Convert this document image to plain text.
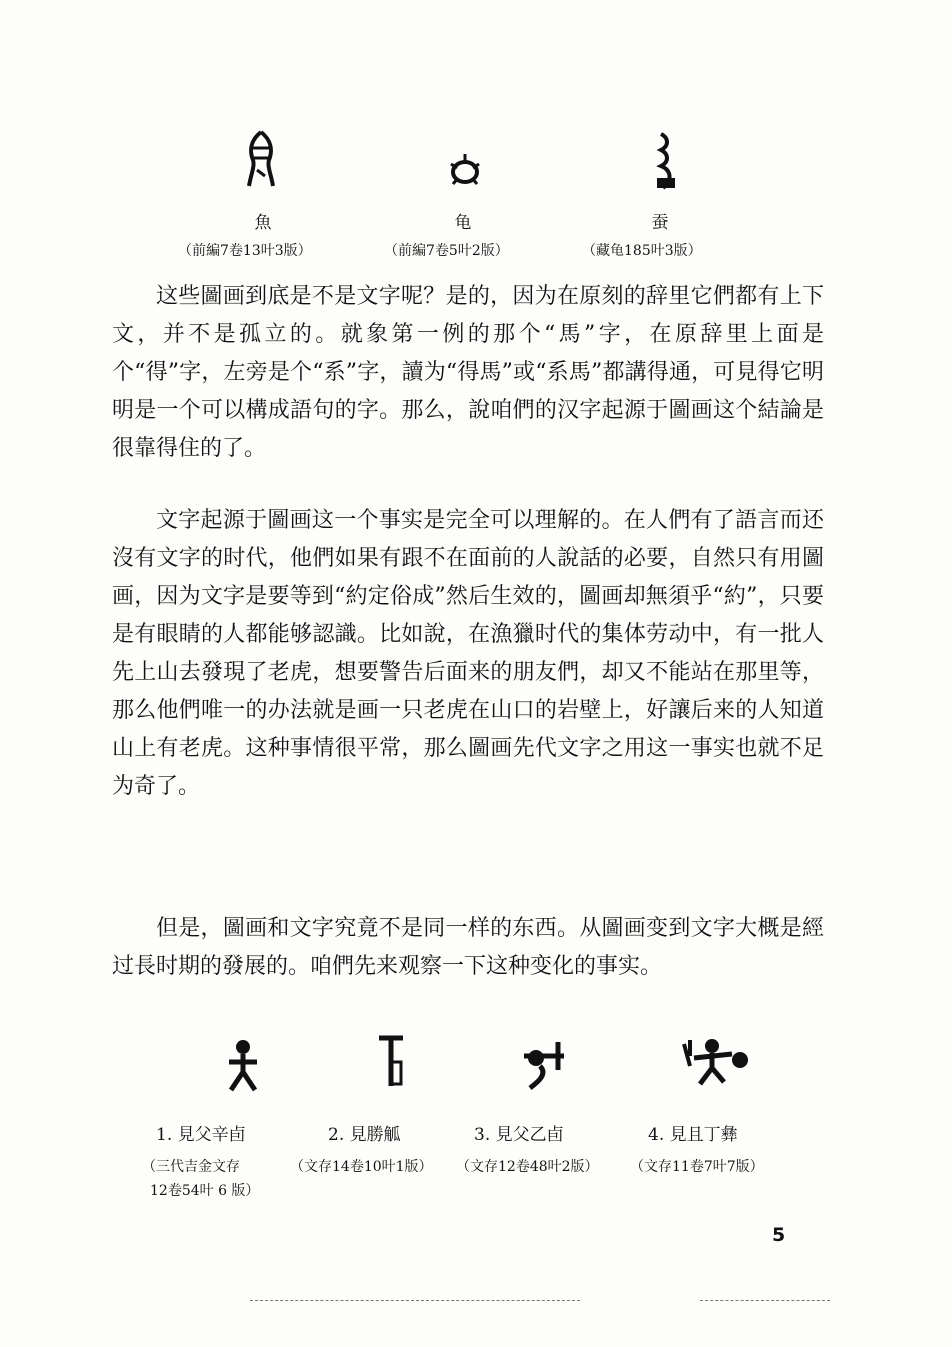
魚	龟	蚕
（前編7卷13叶3版）	（前編7卷5叶2版）	（藏龟185叶3版）

这些圖画到底是不是文字呢？是的，因为在原刻的辞里它們都有上下文，并不是孤立的。就象第一例的那个“馬”字，在原辞里上面是个“得”字，左旁是个“系”字，讀为“得馬”或“系馬”都講得通，可見得它明明是一个可以構成語句的字。那么，說咱們的汉字起源于圖画这个結論是很靠得住的了。

文字起源于圖画这一个事实是完全可以理解的。在人們有了語言而还沒有文字的时代，他們如果有跟不在面前的人說話的必要，自然只有用圖画，因为文字是要等到“約定俗成”然后生效的，圖画却無須乎“約”，只要是有眼睛的人都能够認識。比如說，在漁獵时代的集体劳动中，有一批人先上山去發現了老虎，想要警告后面来的朋友們，却又不能站在那里等，那么他們唯一的办法就是画一只老虎在山口的岩壁上，好讓后来的人知道山上有老虎。这种事情很平常，那么圖画先代文字之用这一事实也就不足为奇了。

但是，圖画和文字究竟不是同一样的东西。从圖画变到文字大概是經过長时期的發展的。咱們先来观察一下这种变化的事实。

1. 見父辛卣	2. 見勝觚	3. 見父乙卣	4. 見且丁彝
（三代吉金文存	（文存14卷10叶1版） （文存12卷48叶2版） （文存11卷7叶7版）
12卷54叶 6 版）
5
